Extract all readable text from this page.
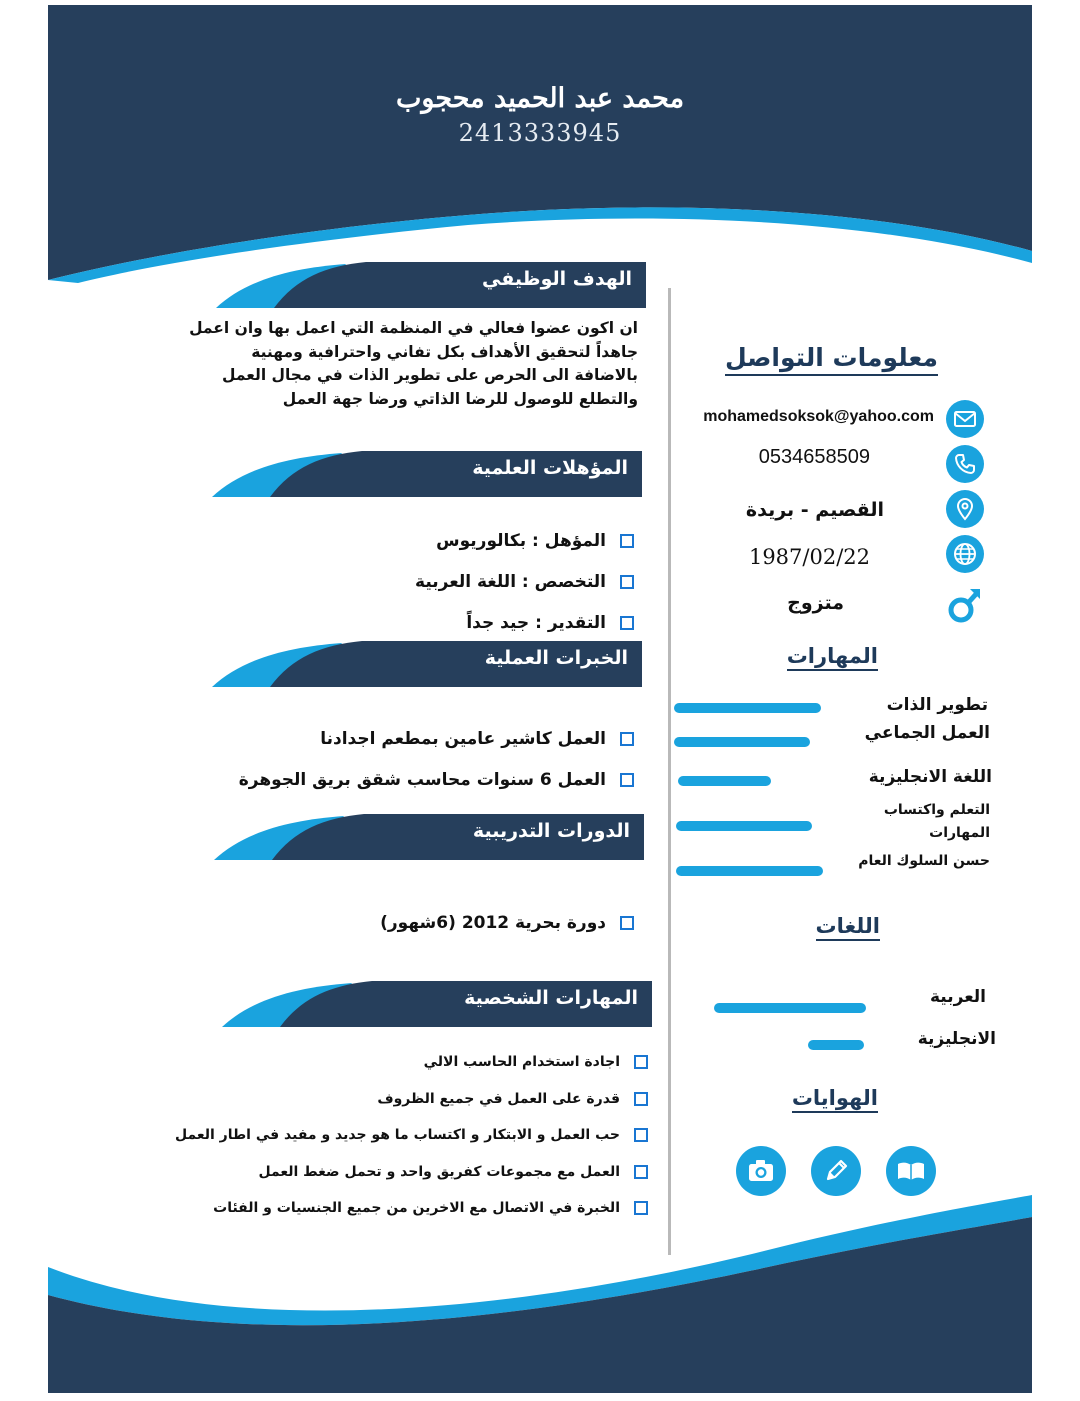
محمد عبد الحميد محجوب
2413333945
الهدف الوظيفي
ان اكون عضوا فعالي في المنظمة التي اعمل بها وان اعمل جاهداً لتحقيق الأهداف بكل تفاني واحترافية ومهنية بالاضافة الى الحرص على تطوير الذات في مجال العمل والتطلع للوصول للرضا الذاتي ورضا جهة العمل
المؤهلات العلمية
المؤهل : بكالوريوس
التخصص : اللغة العربية
التقدير : جيد جداً
الخبرات العملية
العمل كاشير عامين بمطعم اجدادنا
العمل 6 سنوات محاسب شقق بريق الجوهرة
الدورات التدريبية
دورة بحرية 2012 (6شهور)
المهارات الشخصية
اجادة استخدام الحاسب الالي
قدرة على العمل في جميع الظروف
حب العمل و الابتكار و اكتساب ما هو جديد و مفيد في اطار العمل
العمل مع مجموعات كفريق واحد و تحمل ضغط العمل
الخبرة في الاتصال مع الاخرين من جميع الجنسيات و الفئات
معلومات التواصل
mohamedsoksok@yahoo.com
0534658509
القصيم - بريدة
1987/02/22
متزوج
المهارات
تطوير الذات
العمل الجماعي
اللغة الانجليزية
التعلم واكتساب المهارات
حسن السلوك العام
اللغات
العربية
الانجليزية
الهوايات
